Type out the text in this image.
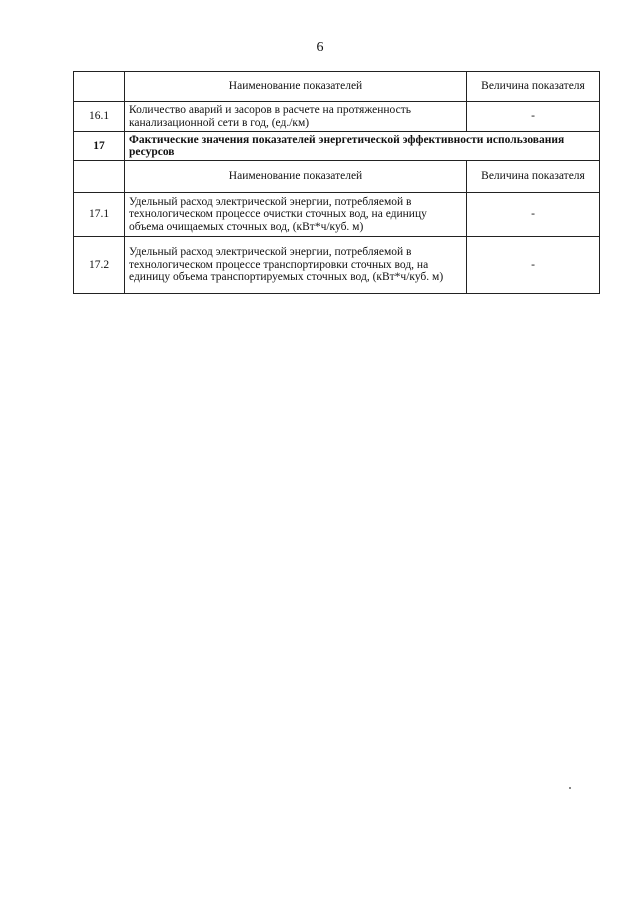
6
	Наименование показателей	Величина показателя
16.1	Количество аварий и засоров в расчете на протяженность канализационной сети в год, (ед./км)	-
17	Фактические значения показателей энергетической эффективности использования ресурсов	
	Наименование показателей	Величина показателя
17.1	Удельный расход электрической энергии, потребляемой в технологическом процессе очистки сточных вод, на единицу объема очищаемых сточных вод, (кВт*ч/куб. м)	-
17.2	Удельный расход электрической энергии, потребляемой в технологическом процессе транспортировки сточных вод, на единицу объема транспортируемых сточных вод, (кВт*ч/куб. м)	-
